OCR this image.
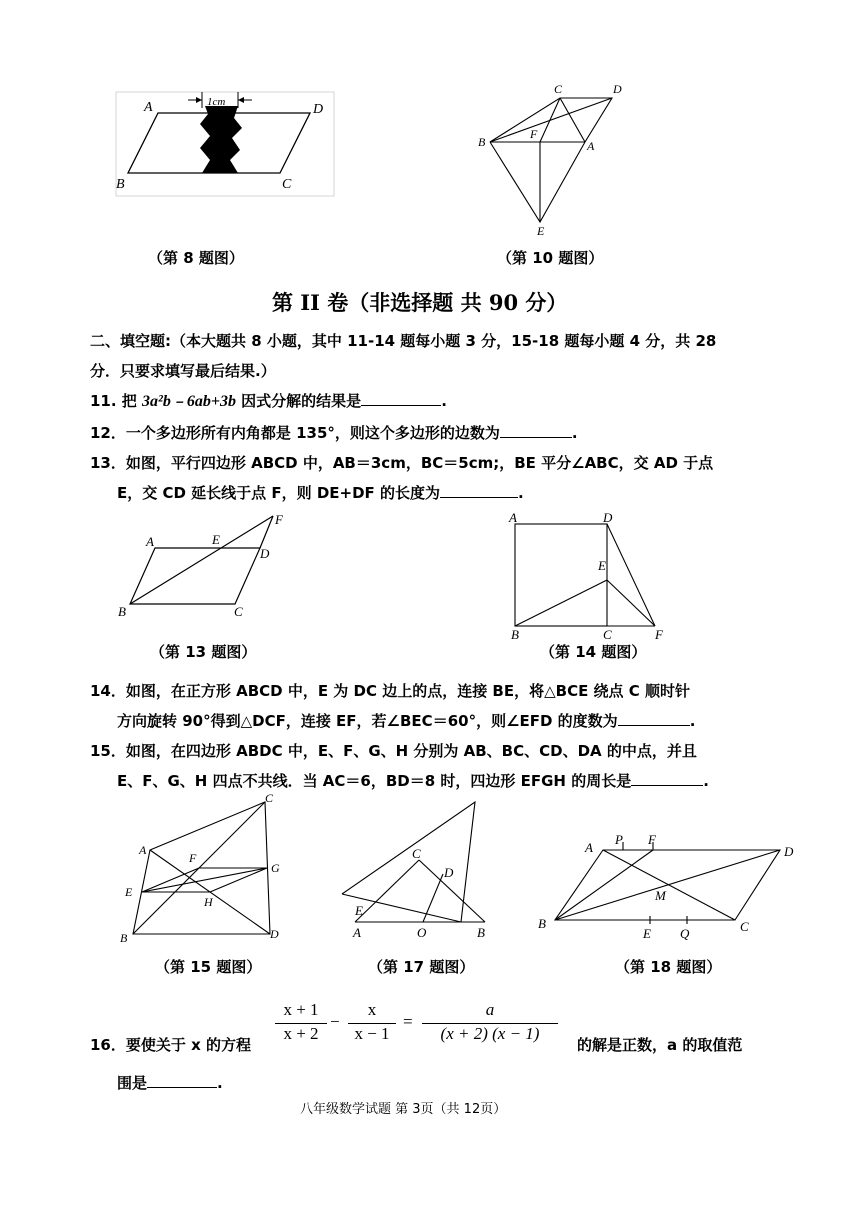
1cm
A	D
B	C
（第 8 题图）
C	D
B
F
A
E
（第 10 题图）
第 II 卷（非选择题 共 90 分）
二、填空题:（本大题共 8 小题，其中 11-14 题每小题 3 分，15-18 题每小题 4 分，共 28
分．只要求填写最后结果.）
11. 把 3a²b﹣6ab+3b 因式分解的结果是	.
12．一个多边形所有内角都是 135°，则这个多边形的边数为	.
13．如图，平行四边形 ABCD 中，AB＝3cm，BC＝5cm;，BE 平分∠ABC，交 AD 于点
E，交 CD 延长线于点 F，则 DE+DF 的长度为	.
A	E
D
F
B	C
（第 13 题图）
A	D
E
B	C	F
（第 14 题图）
14．如图，在正方形 ABCD 中，E 为 DC 边上的点，连接 BE，将△BCE 绕点 C 顺时针
方向旋转 90°得到△DCF，连接 EF，若∠BEC＝60°，则∠EFD 的度数为	.
15．如图，在四边形 ABDC 中，E、F、G、H 分别为 AB、BC、CD、DA 的中点，并且
E、F、G、H 四点不共线．当 AC＝6，BD＝8 时，四边形 EFGH 的周长是	.
C
A
F
G
E
H
B	D
（第 15 题图）
C
D
E
A	O	B
（第 17 题图）
A
P F
D
M
B
E Q	C
（第 18 题图）
16．要使关于 x 的方程
x + 1
x + 2
−
x
x − 1
=
a
(x + 2) (x − 1)
的解是正数，a 的取值范
围是	.
八年级数学试题 第 3页（共 12页）
